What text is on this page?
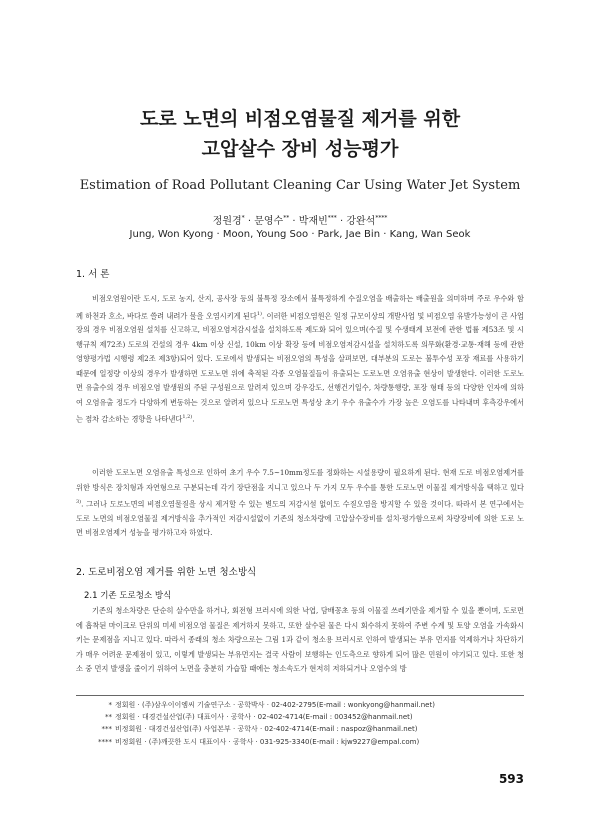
도로 노면의 비점오염물질 제거를 위한
고압살수 장비 성능평가
Estimation of Road Pollutant Cleaning Car Using Water Jet System
정원경* · 문영수** · 박재빈*** · 강완석****
Jung, Won Kyong · Moon, Young Soo · Park, Jae Bin · Kang, Wan Seok
1. 서 론

비점오염원이란 도시, 도로 농지, 산지, 공사장 등의 불특정 장소에서 불특정하게 수질오염을 배출하는 배출원을 의미하며 주로 우수와 함께 하천과 호소, 바다로 쓸려 내려가 물을 오염시키게 된다$^{1)}$. 이러한 비점오염원은 일정 규모이상의 개발사업 및 비점오염 유발가능성이 큰 사업장의 경우 비점오염원 설치를 신고하고, 비점오염저감시설을 설치하도록 제도화 되어 있으며(수질 및 수생태계 보전에 관한 법률 제53조 및 시행규칙 제72조) 도로의 건설의 경우 4km 이상 신설, 10km 이상 확장 등에 비점오염저감시설을 설치하도록 의무화(환경·교통·재해 등에 관한 영향평가법 시행령 제2조 제3항)되어 있다. 도로에서 발생되는 비점오염의 특성을 살펴보면, 대부분의 도로는 불투수성 포장 재료를 사용하기 때문에 일정량 이상의 경우가 발생하면 도로노면 위에 축적된 각종 오염물질들이 유출되는 도로노면 오염유출 현상이 발생한다. 이러한 도로노면 유출수의 경우 비점오염 발생원의 주된 구성원으로 알려져 있으며 강우강도, 선행건기일수, 차량통행량, 포장 형태 등의 다양한 인자에 의하여 오염유출 정도가 다양하게 변동하는 것으로 알려져 있으나 도로노면 특성상 초기 우수 유출수가 가장 높은 오염도를 나타내며 후측강우에서는 점차 감소하는 경향을 나타낸다$^{1,2)}$.

이러한 도로노면 오염유출 특성으로 인하여 초기 우수 7.5~10mm정도를 정화하는 시설용량이 필요하게 된다. 현재 도로 비점오염제거를 위한 방식은 장치형과 자연형으로 구분되는데 각기 장단점을 지니고 있으나 두 가지 모두 우수를 통한 도로노면 이물질 제거방식을 택하고 있다$^{3)}$. 그러나 도로노면의 비점오염물질을 상시 제거할 수 있는 별도의 저감시설 없이도 수질오염을 방지할 수 있을 것이다. 따라서 본 연구에서는 도로 노면의 비점오염물질 제거방식을 추가적인 저감시설없이 기존의 청소차량에 고압살수장비를 설치·평가함으로써 차량장비에 의한 도로 노면 비점오염제거 성능을 평가하고자 하였다.

2. 도로비점오염 제거를 위한 노면 청소방식
2.1 기존 도로청소 방식

기존의 청소차량은 단순히 살수만을 하거나, 회전형 브러시에 의한 낙엽, 담배꽁초 등의 이물질 쓰레기만을 제거할 수 있을 뿐이며, 도로면에 흡착된 마이크로 단위의 미세 비점오염 물질은 제거하지 못하고, 또한 살수된 물은 다시 회수하지 못하여 주변 수계 및 토양 오염을 가속화시키는 문제점을 지니고 있다. 따라서 종래의 청소 차량으로는 그림 1과 같이 청소용 브러시로 인하여 발생되는 부유 먼지를 억제하거나 차단하기가 매우 어려운 문제점이 있고, 이렇게 발생되는 부유먼지는 결국 사람이 보행하는 인도측으로 향하게 되어 많은 민원이 야기되고 있다. 또한 청소 중 먼지 발생을 줄이기 위하여 노면을 충분히 가습할 때에는 청소속도가 현저히 저하되거나 오염수의 방

* 정회원 · (주)삼우이이엠씨 기술연구소 · 공학박사 · 02-402-2795(E-mail : wonkyong@hanmail.net)
** 정회원 · 대경건설산업(주) 대표이사 · 공학사 · 02-402-4714(E-mail : 003452@hanmail.net)
*** 비정회원 · 대경건설산업(주) 사업본부 · 공학사 · 02-402-4714(E-mail : naspoz@hanmail.net)
**** 비정회원 · (주)깨끗한 도시 대표이사 · 공학사 · 031-925-3340(E-mail : kjw9227@empal.com)
593
